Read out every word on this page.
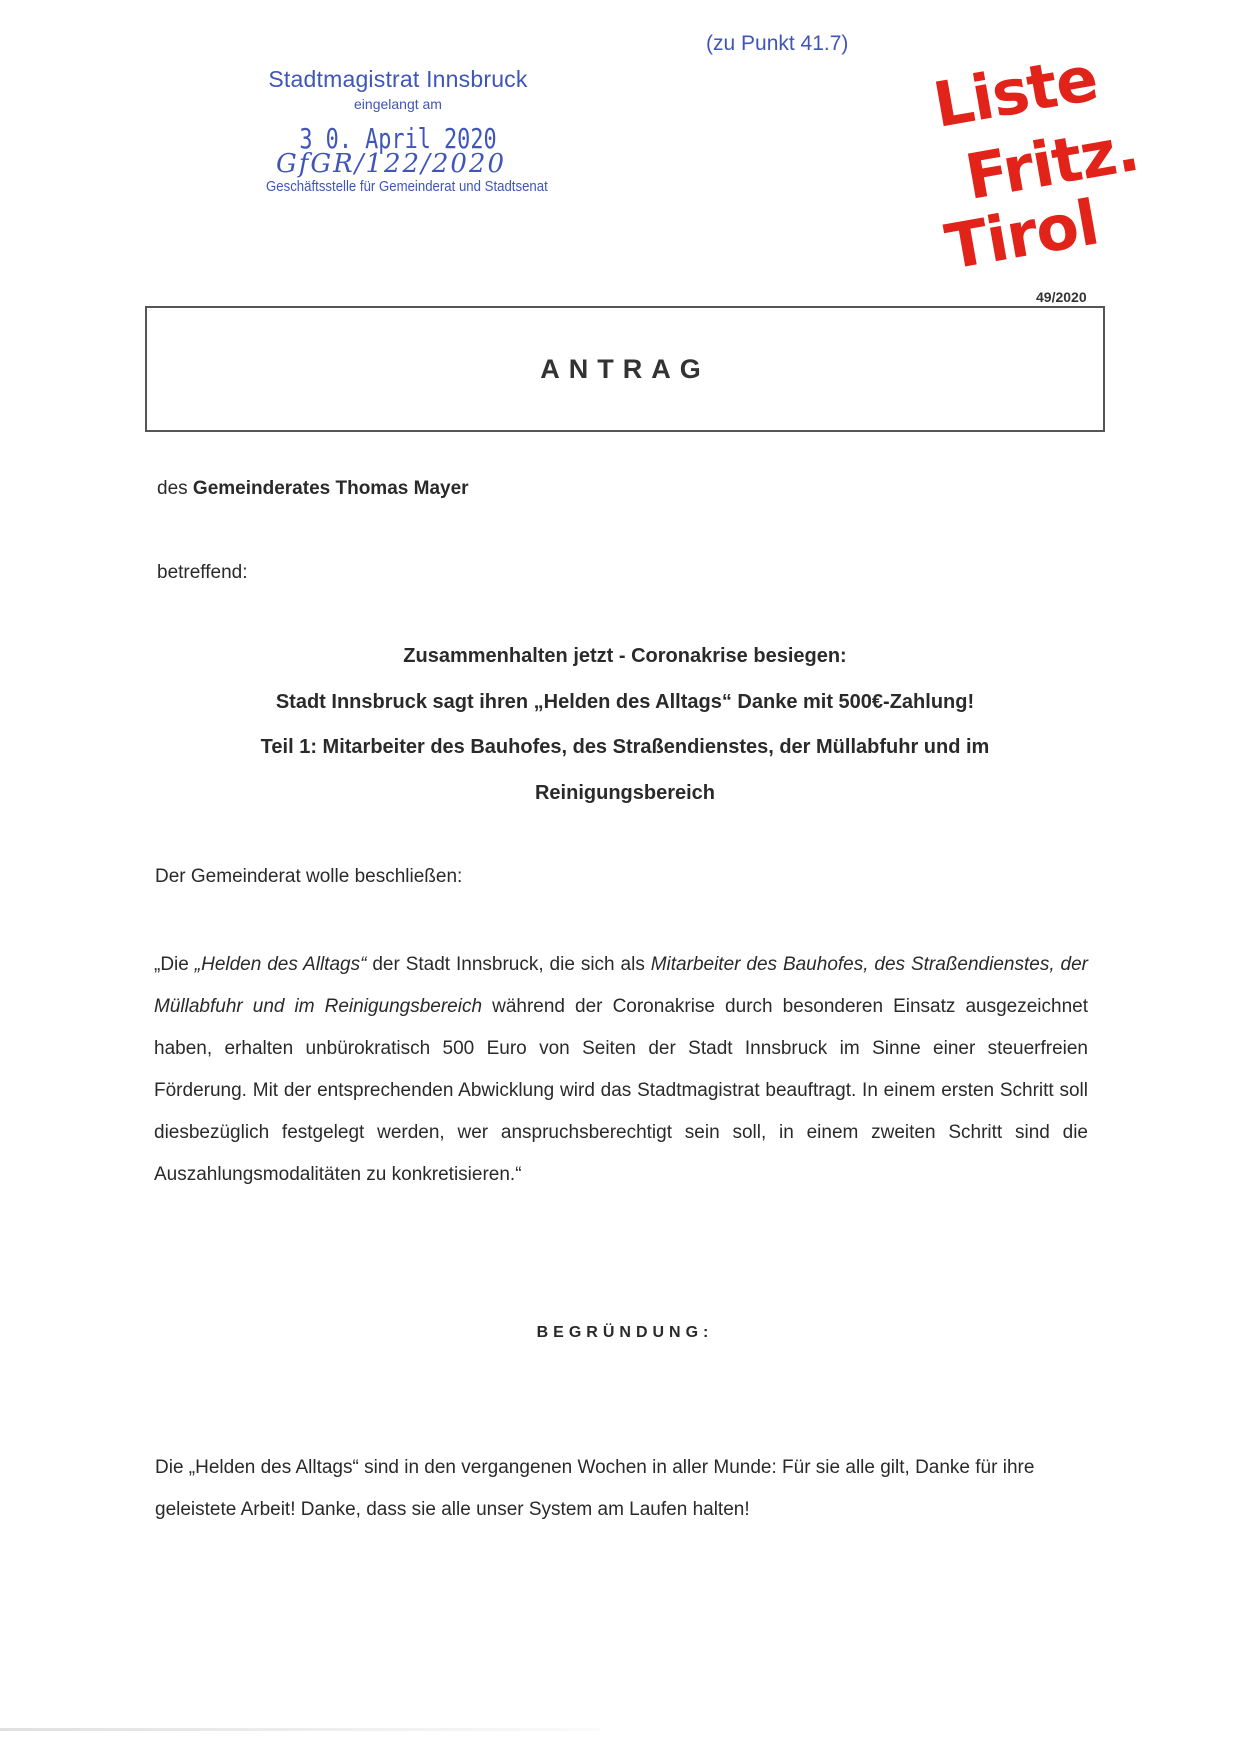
(zu Punkt 41.7)
Stadtmagistrat Innsbruck
eingelangt am
3 0. April 2020
GfGR/122/2020
Geschäftsstelle für Gemeinderat und Stadtsenat
Liste
Fritz.
Tirol
49/2020
ANTRAG
des Gemeinderates Thomas Mayer
betreffend:
Zusammenhalten jetzt - Coronakrise besiegen:
Stadt Innsbruck sagt ihren „Helden des Alltags“ Danke mit 500€-Zahlung!
Teil 1: Mitarbeiter des Bauhofes, des Straßendienstes, der Müllabfuhr und im
Reinigungsbereich
Der Gemeinderat wolle beschließen:
„Die „Helden des Alltags“ der Stadt Innsbruck, die sich als Mitarbeiter des Bauhofes, des Straßendienstes, der Müllabfuhr und im Reinigungsbereich während der Coronakrise durch besonderen Einsatz ausgezeichnet haben, erhalten unbürokratisch 500 Euro von Seiten der Stadt Innsbruck im Sinne einer steuerfreien Förderung. Mit der entsprechenden Abwicklung wird das Stadtmagistrat beauftragt. In einem ersten Schritt soll diesbezüglich festgelegt werden, wer anspruchsberechtigt sein soll, in einem zweiten Schritt sind die Auszahlungsmodalitäten zu konkretisieren.“
BEGRÜNDUNG:
Die „Helden des Alltags“ sind in den vergangenen Wochen in aller Munde: Für sie alle gilt, Danke für ihre geleistete Arbeit! Danke, dass sie alle unser System am Laufen halten!
